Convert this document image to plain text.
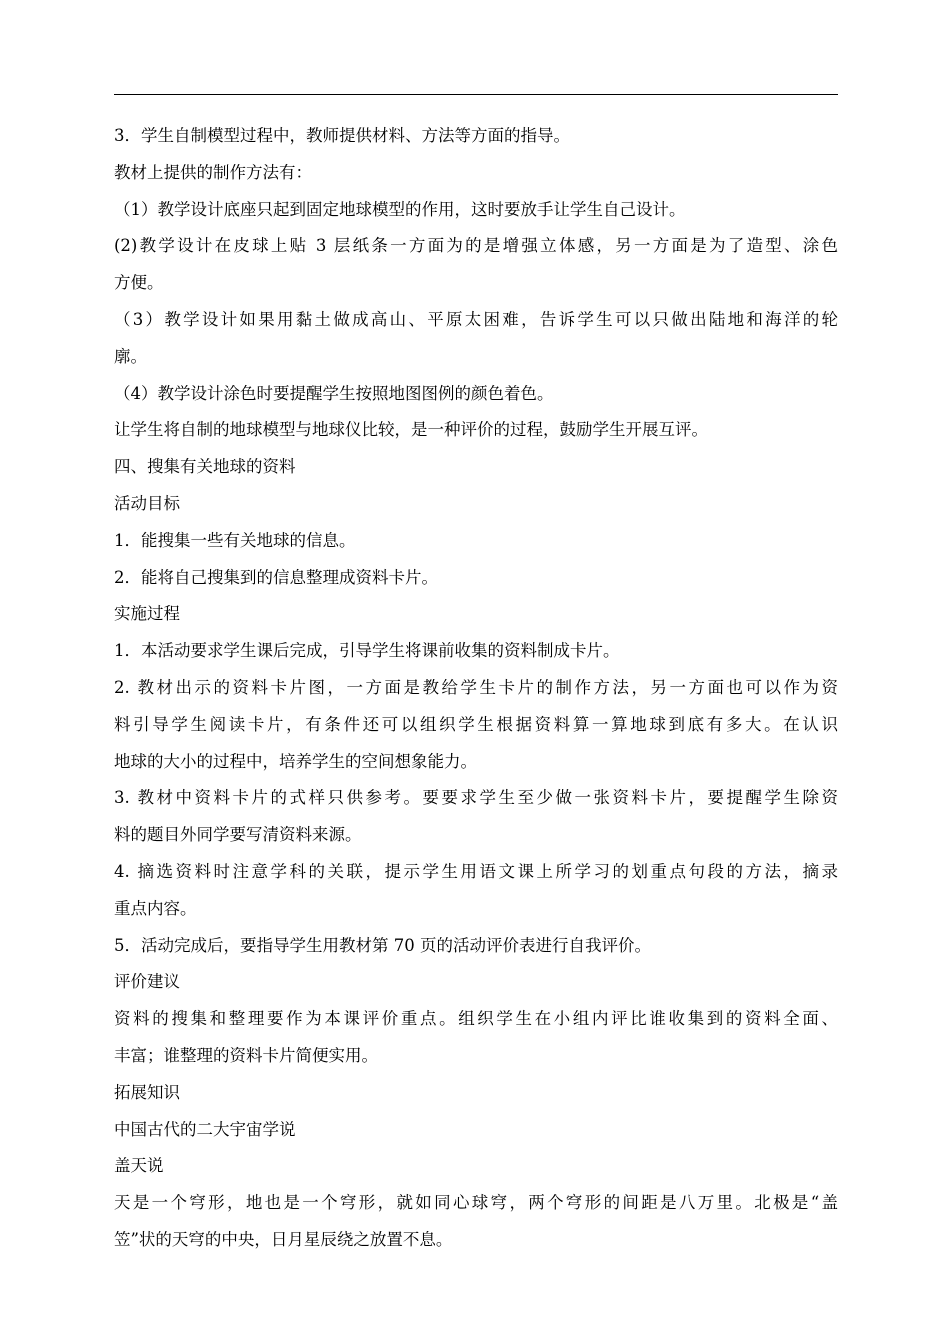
3．学生自制模型过程中，教师提供材料、方法等方面的指导。
教材上提供的制作方法有：
（1）教学设计底座只起到固定地球模型的作用，这时要放手让学生自己设计。
(2)教学设计在皮球上贴 3 层纸条一方面为的是增强立体感，另一方面是为了造型、涂色
方便。
（3）教学设计如果用黏土做成高山、平原太困难，告诉学生可以只做出陆地和海洋的轮
廓。
（4）教学设计涂色时要提醒学生按照地图图例的颜色着色。
让学生将自制的地球模型与地球仪比较，是一种评价的过程，鼓励学生开展互评。
四、搜集有关地球的资料
活动目标
1．能搜集一些有关地球的信息。
2．能将自己搜集到的信息整理成资料卡片。
实施过程
1．本活动要求学生课后完成，引导学生将课前收集的资料制成卡片。
2. 教材出示的资料卡片图，一方面是教给学生卡片的制作方法，另一方面也可以作为资
料引导学生阅读卡片，有条件还可以组织学生根据资料算一算地球到底有多大。在认识
地球的大小的过程中，培养学生的空间想象能力。
3. 教材中资料卡片的式样只供参考。要要求学生至少做一张资料卡片，要提醒学生除资
料的题目外同学要写清资料来源。
4. 摘选资料时注意学科的关联，提示学生用语文课上所学习的划重点句段的方法，摘录
重点内容。
5．活动完成后，要指导学生用教材第 70 页的活动评价表进行自我评价。
评价建议
资料的搜集和整理要作为本课评价重点。组织学生在小组内评比谁收集到的资料全面、
丰富；谁整理的资料卡片简便实用。
拓展知识
中国古代的二大宇宙学说
盖天说
天是一个穹形，地也是一个穹形，就如同心球穹，两个穹形的间距是八万里。北极是“盖
笠”状的天穹的中央，日月星辰绕之放置不息。
